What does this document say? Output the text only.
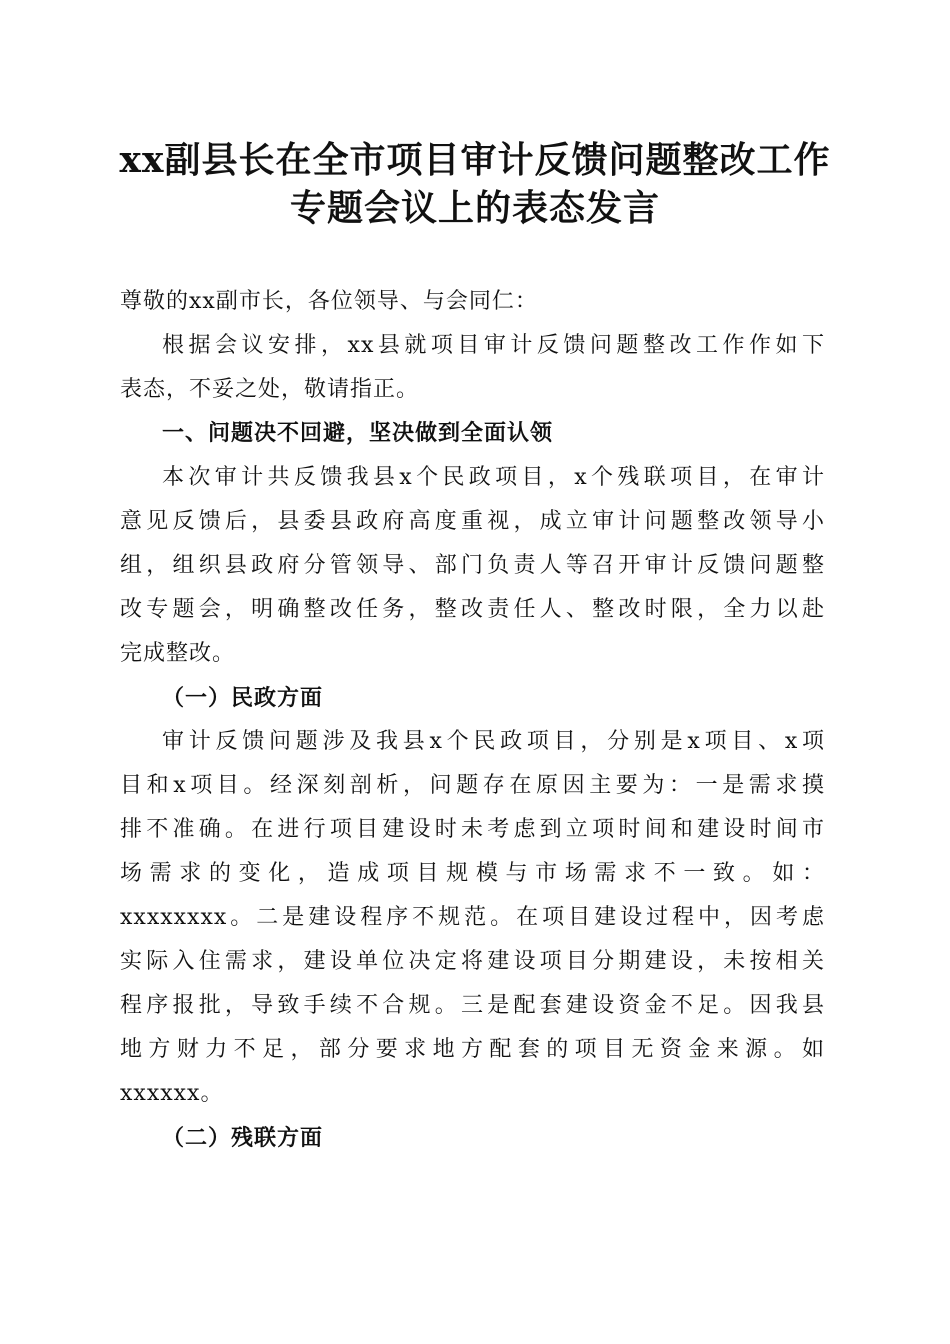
xx副县长在全市项目审计反馈问题整改工作
专题会议上的表态发言
尊敬的xx副市长，各位领导、与会同仁：
根据会议安排，xx县就项目审计反馈问题整改工作作如下
表态，不妥之处，敬请指正。
一、问题决不回避，坚决做到全面认领
本次审计共反馈我县x个民政项目，x个残联项目，在审计
意见反馈后，县委县政府高度重视，成立审计问题整改领导小
组，组织县政府分管领导、部门负责人等召开审计反馈问题整
改专题会，明确整改任务，整改责任人、整改时限，全力以赴
完成整改。
（一）民政方面
审计反馈问题涉及我县x个民政项目，分别是x项目、x项
目和x项目。经深刻剖析，问题存在原因主要为：一是需求摸
排不准确。在进行项目建设时未考虑到立项时间和建设时间市
场需求的变化，造成项目规模与市场需求不一致。如：
xxxxxxxx。二是建设程序不规范。在项目建设过程中，因考虑
实际入住需求，建设单位决定将建设项目分期建设，未按相关
程序报批，导致手续不合规。三是配套建设资金不足。因我县
地方财力不足，部分要求地方配套的项目无资金来源。如
xxxxxx。
（二）残联方面
